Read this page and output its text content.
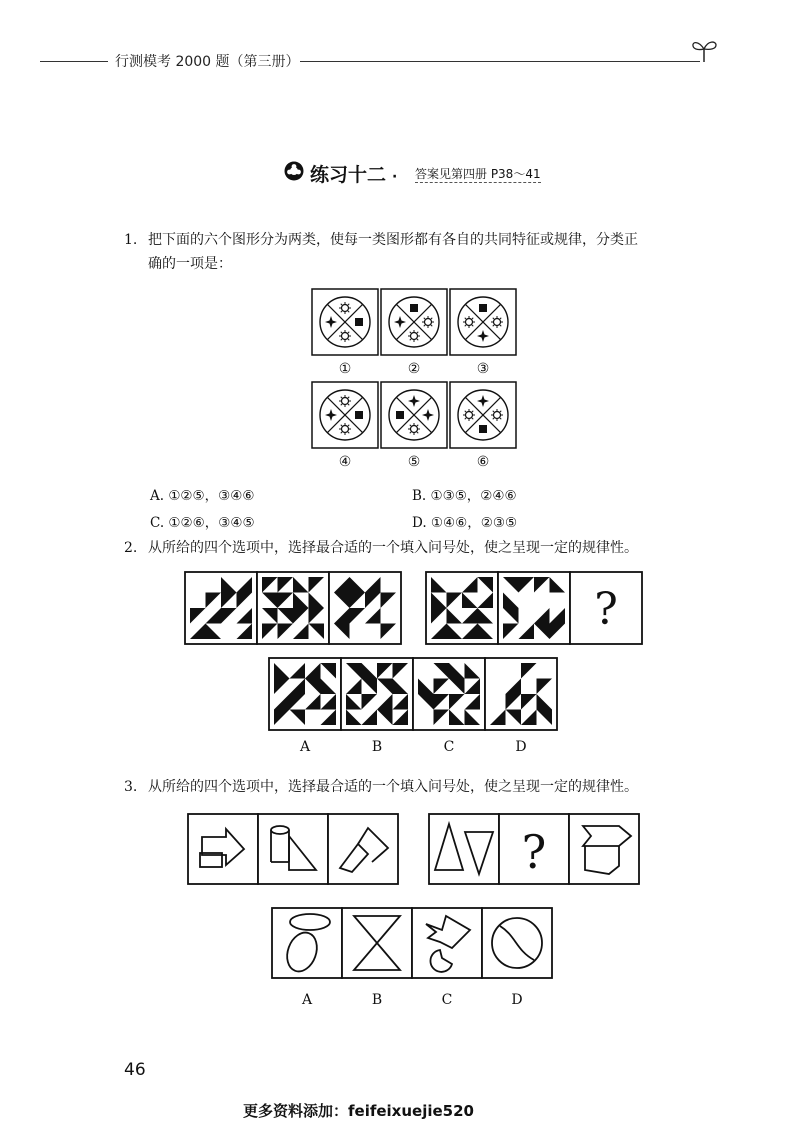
行测模考 2000 题（第三册）
练习十二 · 答案见第四册 P38～41
1. 把下面的六个图形分为两类，使每一类图形都有各自的共同特征或规律，分类正
确的一项是：
①	②	③
④	⑤	⑥
A. ①②⑤，③④⑥	B. ①③⑤，②④⑥
C. ①②⑥，③④⑤	D. ①④⑥，②③⑤
2. 从所给的四个选项中，选择最合适的一个填入问号处，使之呈现一定的规律性。
?
A	B	C	D
3. 从所给的四个选项中，选择最合适的一个填入问号处，使之呈现一定的规律性。
?
A	B	C	D
46
更多资料添加：feifeixuejie520
